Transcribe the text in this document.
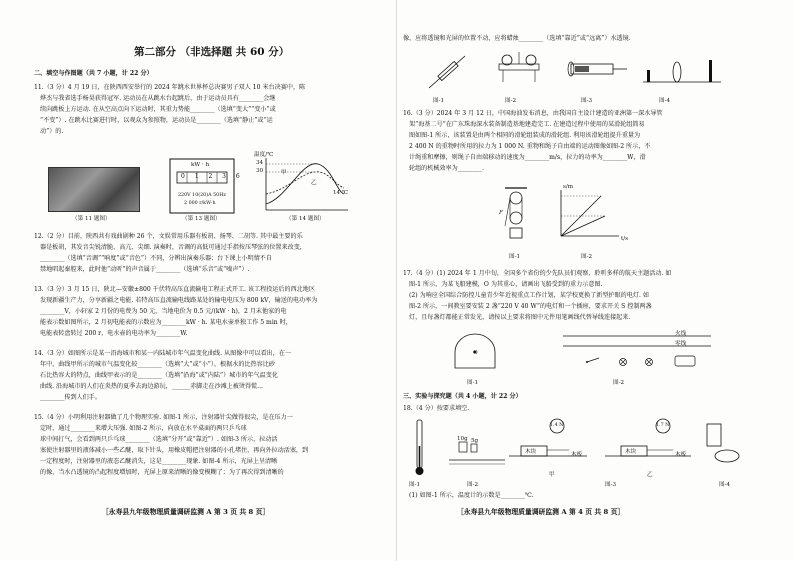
第二部分 （非选择题 共 60 分）
二、填空与作图题（共 7 小题，计 22 分）
11.（3 分）4 月 19 日，在陕西西安举行的 2024 年跳水世界杯总决赛男子双人 10 米台决赛中，陈
烨杰与我省选手杨昊获得冠军. 运动员在从跳水台起跳后，由于运动员具有________会继
续向跳板上方运动. 在从空高点向下运动时，其重力势能________（选填“变大”“变小”或
“不变”）. 在跳水比赛进行时，以观众为参照物，运动员是________（选填“静止”或“运
动”）的.
（第 11 题图）
kW · h
0 1 2 3 6
220V 10(20)A 50Hz
2 000 r/kW·h
（第 13 题图）
温度/℃
34
30
14 ℃
甲
乙
（第 14 题图）
12.（2 分）目前，陕西共有戏曲剧种 26 个，文娱常用乐器有板胡、扬琴、二胡等. 其中最主要的乐
器是板胡，其发音尖锐清脆、高亢、尖细. 演奏时，音调的高低可通过手指按压琴弦的位置来改变，
________（选填“音调”“响度”或“音色”）不同，分辨出演奏乐器；台下课上小明情不自
禁地唱起秦腔来，此时他“动听”的声音属于________（选填“乐音”或“噪声”）.
13.（3 分）3 月 15 日，陕北—安徽±800 千伏特高压直流输电工程正式开工. 该工程投运后的西北地区
发现新疆生产力，分享新疆之电能. 若特高压直流输电线路某处的输电电压为 800 kV，输送的电功率为
________V，小轩家 2 月份的电费为 50 元，当地电价为 0.5 元/(kW · h)，2 月末他家的电
能表示数如图所示，2 月初电能表的示数应为________kW · h. 某电水壶单独工作 5 min 时，
电能表转盘转过 200 r，电水壶的电功率为________W.
14.（3 分）如图所示是某一沿海城市和某一内陆城市年气温变化曲线. 从图像中可以看出，在一
年中，曲线甲所示的城市气温变化较________（选填“大”或“小”），根据水的比热容比砂
石比热容大的特点，曲线甲表示的是________（选填“沿海”或“内陆”）城市的年气温变化
曲线. 沿海城市的人们在炎热的夏季去海边游玩，______赤脚走在沙滩上被烫得慌...
________传到人们手。
15.（4 分）小明利用注射器做了几个物理实验. 如图-1 所示，注射器针尖做得很尖，是在压力一
定时，通过________来增大压强. 如图-2 所示，向放在水平桌面的两只乒乓球
球中间打气，会看到两只乒乓球________（选填“分开”或“靠近”）. 如图-3 所示，拉动活
塞使注射器里的液体减小一些乙醚，取下针头，用橡皮帽把注射器的小孔堵住，再向外拉动活塞，到
一定程度时，注射器里的液态乙醚消失，这是________现象. 如图-4 所示，光屏上呈清晰
的像，当水凸透镜的凸起程度增加时，光屏上原来清晰的像变模糊了；为了再次得到清晰的
［永寿县九年级物理质量调研监测 A 第 3 页 共 8 页］
像，应将透镜和光屏的位置不动，应将蜡烛________（选填“靠近”或“远离”）水透镜.
图-1	图-2	图-3	图-4
16.（3 分）2024 年 3 月 12 日，中国海油发布消息，由我国自主设计建造的亚洲第一深水导管
架“海基二号”在广东珠海深水装备制造基地建造完工. 在建造过程中使用的某滑轮组简易
图如图-1 所示，该装置是由两个相同的滑轮组装成的滑轮组. 利用该滑轮组提升重量为
2 400 N 的重物时所用的拉力为 1 000 N. 重物和绳子自由端的运动图像如图-2 所示，不
计绳重和摩擦，则绳子自由端移动的速度为________m/s，拉力的功率为________W，滑
轮组的机械效率为________.
F
s/m
t/s
图-1	图-2
17.（4 分）(1) 2024 年 1 月中旬，全国多个省份的少先队员们观察、聆听多样的航天主题活动. 如
图-1 所示，为某飞船建模，O 为其重心，请画出飞船受到的重力示意图.
(2) 为响应全国综合防控儿童青少年近视重点工作计划，某学校更换了新型护眼的电灯. 如
图-2 所示，一间教室要安装 2 盏“220 V 40 W”的电灯和一个插座，要求开关 S 控制两盏
灯，且每盏灯都能正常发光，请按以上要求将图中元件用笔画线代替导线连接起来.
O
火线
零线
图-1	图-2
三、实验与探究题（共 4 小题，计 22 分）
18.（4 分）按要求填空.
10g 5g
1.4 N	1.7 N
木块	木板	木块	木板
图-1	图-2
甲	乙
图-3	图-4
(1) 如图-1 所示，温度计的示数是________℃.
［永寿县九年级物理质量调研监测 A 第 4 页 共 8 页］
